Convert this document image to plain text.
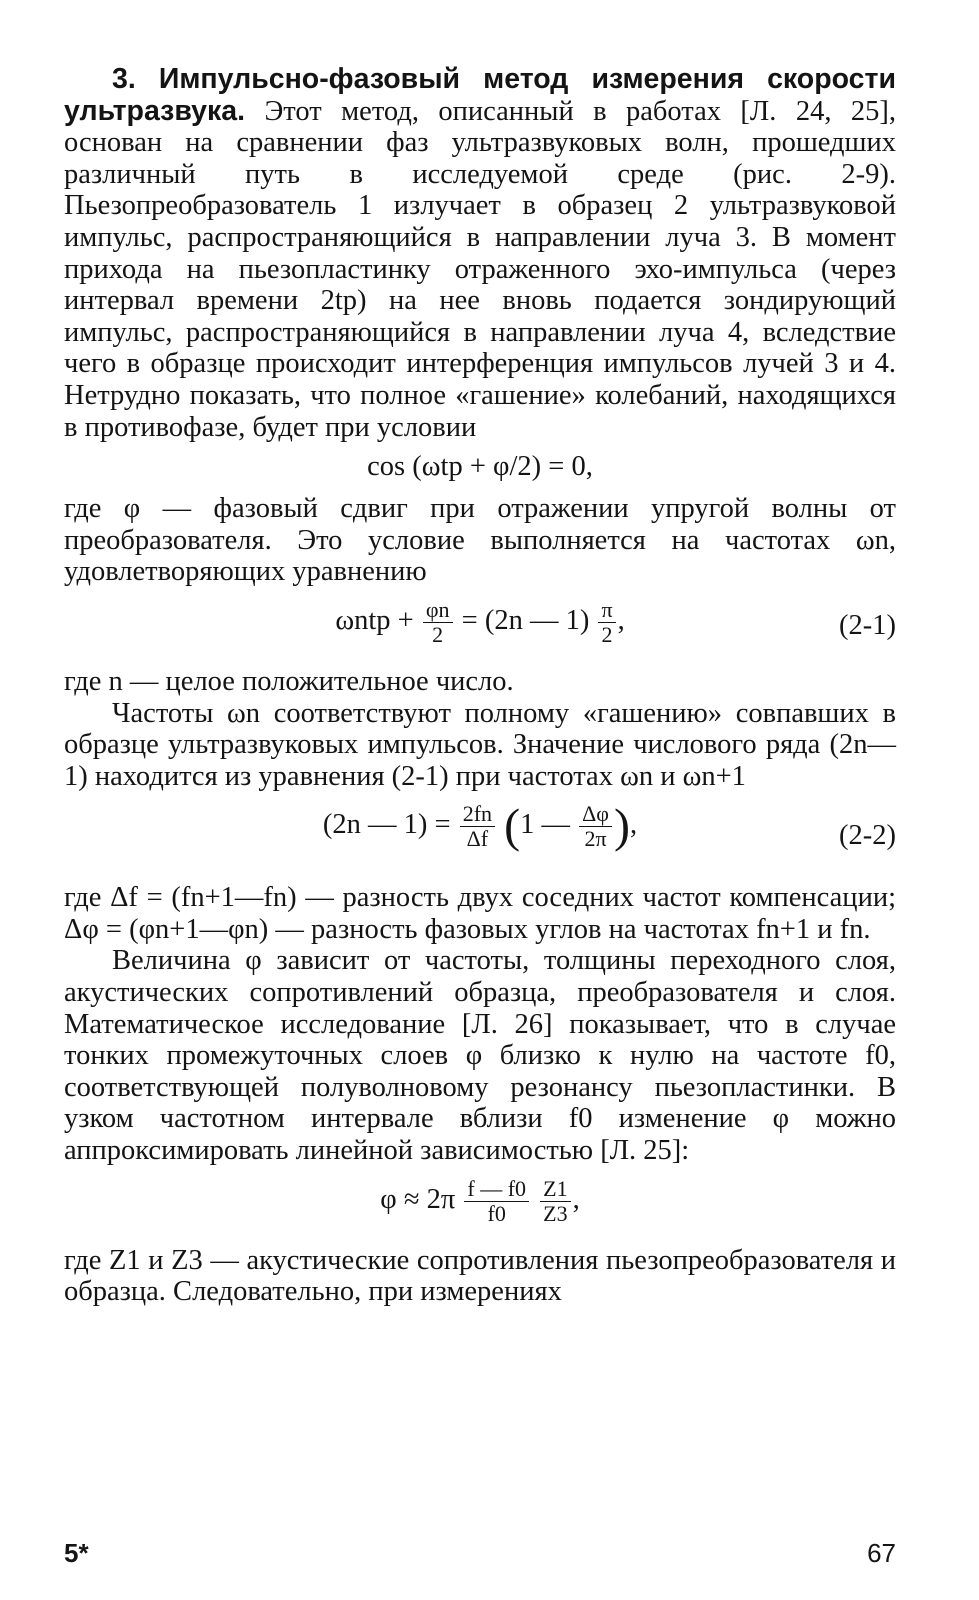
3. Импульсно-фазовый метод измерения скорости ультразвука. Этот метод, описанный в работах [Л. 24, 25], основан на сравнении фаз ультразвуковых волн, прошедших различный путь в исследуемой среде (рис. 2-9). Пьезопреобразователь 1 излучает в образец 2 ультразвуковой импульс, распространяющийся в направлении луча 3. В момент прихода на пьезопластинку отраженного эхо-импульса (через интервал времени 2tр) на нее вновь подается зондирующий импульс, распространяющийся в направлении луча 4, вследствие чего в образце происходит интерференция импульсов лучей 3 и 4. Нетрудно показать, что полное «гашение» колебаний, находящихся в противофазе, будет при условии

cos (ωtр + φ/2) = 0,

где φ — фазовый сдвиг при отражении упругой волны от преобразователя. Это условие выполняется на частотах ωn, удовлетворяющих уравнению

$\omega ntр + \frac{\varphi n}{2} = (2n$ — $1) \frac{\pi}{2}$ ,	(2-1)

где n — целое положительное число.

Частоты ωn соответствуют полному «гашению» совпавших в образце ультразвуковых импульсов. Значение числового ряда (2n—1) находится из уравнения (2-1) при частотах ωn и ωn+1

(2n — $1) = \frac{2fn}{\Delta f} (1$ — $\frac{\Delta\varphi}{2\pi}$ ),	(2-2)

где Δf = (fn+1—fn) — разность двух соседних частот компенсации; Δφ = (φn+1—φn) — разность фазовых углов на частотах fn+1 и fn.

Величина φ зависит от частоты, толщины переходного слоя, акустических сопротивлений образца, преобразователя и слоя. Математическое исследование [Л. 26] показывает, что в случае тонких промежуточных слоев φ близко к нулю на частоте f0, соответствующей полуволновому резонансу пьезопластинки. В узком частотном интервале вблизи f0 изменение φ можно аппроксимировать линейной зависимостью [Л. 25]:

$\varphi \approx 2\pi \frac{f — f0}{f0}$
$\frac{Z1}{Z3}$ ,

где Z1 и Z3 — акустические сопротивления пьезопреобразователя и образца. Следовательно, при измерениях

5*	67
